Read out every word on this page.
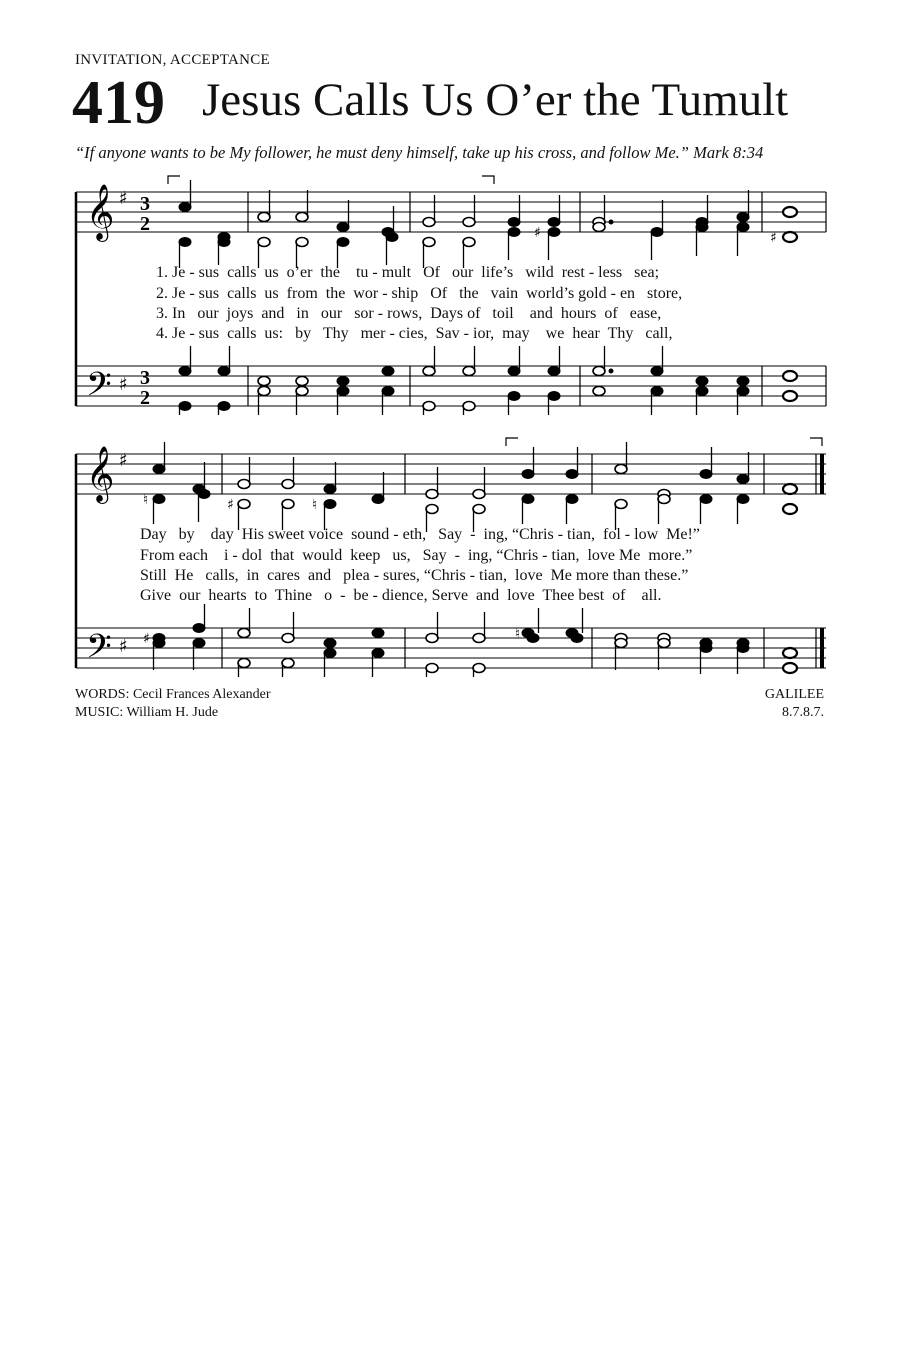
INVITATION, ACCEPTANCE
419 Jesus Calls Us O’er the Tumult
“If anyone wants to be My follower, he must deny himself, take up his cross, and follow Me.” Mark 8:34
𝄞
𝄢
♯
♯
3
2
3
2
♯	♯
1. Je - sus  calls  us  o’er  the    tu - mult   Of   our  life’s   wild  rest - less   sea;
2. Je - sus  calls  us  from  the  wor - ship   Of   the   vain  world’s gold - en   store,
3. In   our  joys  and   in   our   sor - rows,  Days of   toil    and  hours  of   ease,
4. Je - sus  calls  us:   by   Thy   mer - cies,  Sav - ior,  may    we  hear  Thy   call,
𝄞
𝄢
♯
♯
♮	♯	♮
♯	♮
Day   by    day  His sweet voice  sound - eth,   Say  -  ing, “Chris - tian,  fol - low  Me!”
From each    i - dol  that  would  keep   us,   Say  -  ing, “Chris - tian,  love Me  more.”
Still  He   calls,  in  cares  and   plea - sures, “Chris - tian,  love  Me more than these.”
Give  our  hearts  to  Thine   o  -  be - dience, Serve  and  love  Thee best  of    all.
WORDS: Cecil Frances Alexander
MUSIC: William H. Jude
GALILEE
8.7.8.7.
